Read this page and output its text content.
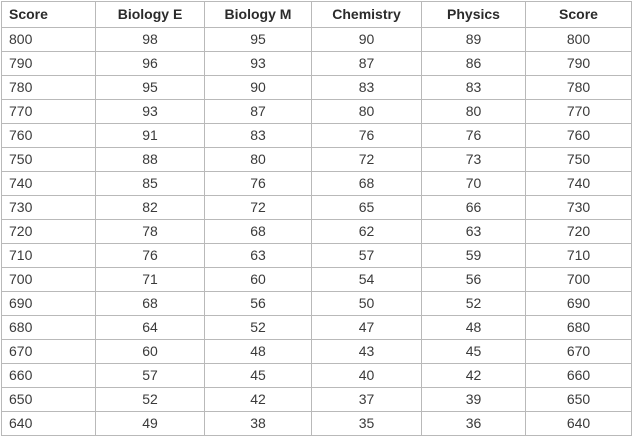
Score	Biology E	Biology M	Chemistry	Physics	Score
800	98	95	90	89	800
790	96	93	87	86	790
780	95	90	83	83	780
770	93	87	80	80	770
760	91	83	76	76	760
750	88	80	72	73	750
740	85	76	68	70	740
730	82	72	65	66	730
720	78	68	62	63	720
710	76	63	57	59	710
700	71	60	54	56	700
690	68	56	50	52	690
680	64	52	47	48	680
670	60	48	43	45	670
660	57	45	40	42	660
650	52	42	37	39	650
640	49	38	35	36	640
